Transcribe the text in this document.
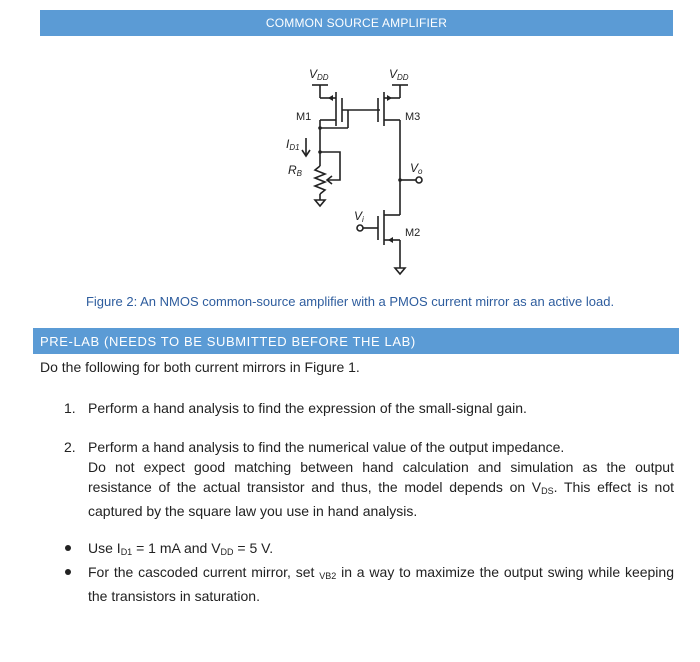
COMMON SOURCE AMPLIFIER
VDD	VDD
M1	M3
M2
ID1
RB	Vo
Vi
Figure 2: An NMOS common-source amplifier with a PMOS current mirror as an active load.
PRE-LAB (NEEDS TO BE SUBMITTED BEFORE THE LAB)
Do the following for both current mirrors in Figure 1.
1. Perform a hand analysis to find the expression of the small-signal gain.
2. Perform a hand analysis to find the numerical value of the output impedance.
Do not expect good matching between hand calculation and simulation as the output resistance of the actual transistor and thus, the model depends on $V_{DS}$. This effect is not captured by the square law you use in hand analysis.
Use $I_{D1} = 1$ mA and $V_{DD} = 5$ V.
For the cascoded current mirror, set $_{VB2}$ in a way to maximize the output swing while keeping the transistors in saturation.
